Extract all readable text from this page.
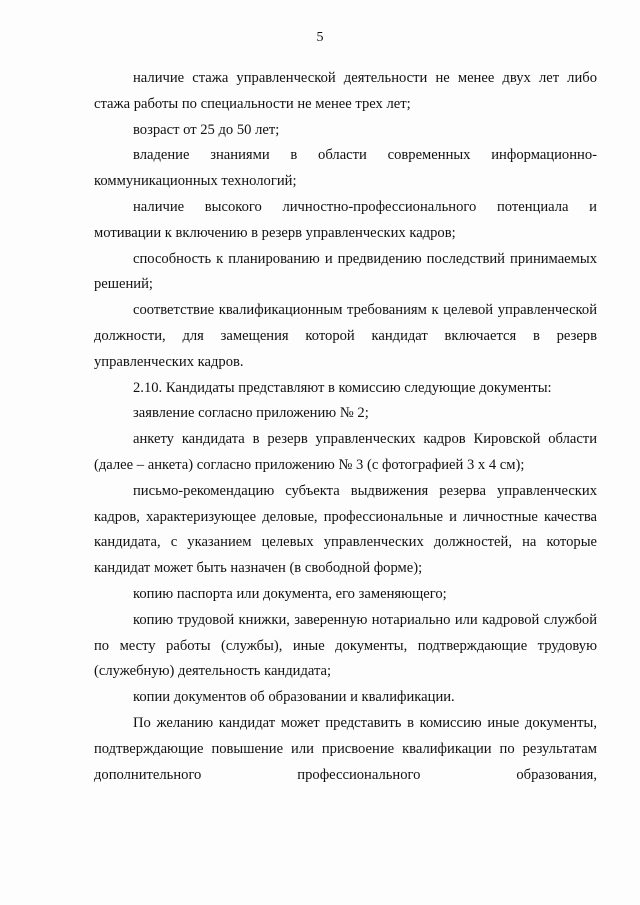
5

наличие стажа управленческой деятельности не менее двух лет либо стажа работы по специальности не менее трех лет;

возраст от 25 до 50 лет;

владение знаниями в области современных информационно-коммуникационных технологий;

наличие высокого личностно-профессионального потенциала и мотивации к включению в резерв управленческих кадров;

способность к планированию и предвидению последствий принимаемых решений;

соответствие квалификационным требованиям к целевой управленческой должности, для замещения которой кандидат включается в резерв управленческих кадров.

2.10. Кандидаты представляют в комиссию следующие документы:

заявление согласно приложению № 2;

анкету кандидата в резерв управленческих кадров Кировской области (далее – анкета) согласно приложению № 3 (с фотографией 3 х 4 см);

письмо-рекомендацию субъекта выдвижения резерва управленческих кадров, характеризующее деловые, профессиональные и личностные качества кандидата, с указанием целевых управленческих должностей, на которые кандидат может быть назначен (в свободной форме);

копию паспорта или документа, его заменяющего;

копию трудовой книжки, заверенную нотариально или кадровой службой по месту работы (службы), иные документы, подтверждающие трудовую (служебную) деятельность кандидата;

копии документов об образовании и квалификации.

По желанию кандидат может представить в комиссию иные документы, подтверждающие повышение или присвоение квалификации по результатам дополнительного профессионального образования,
